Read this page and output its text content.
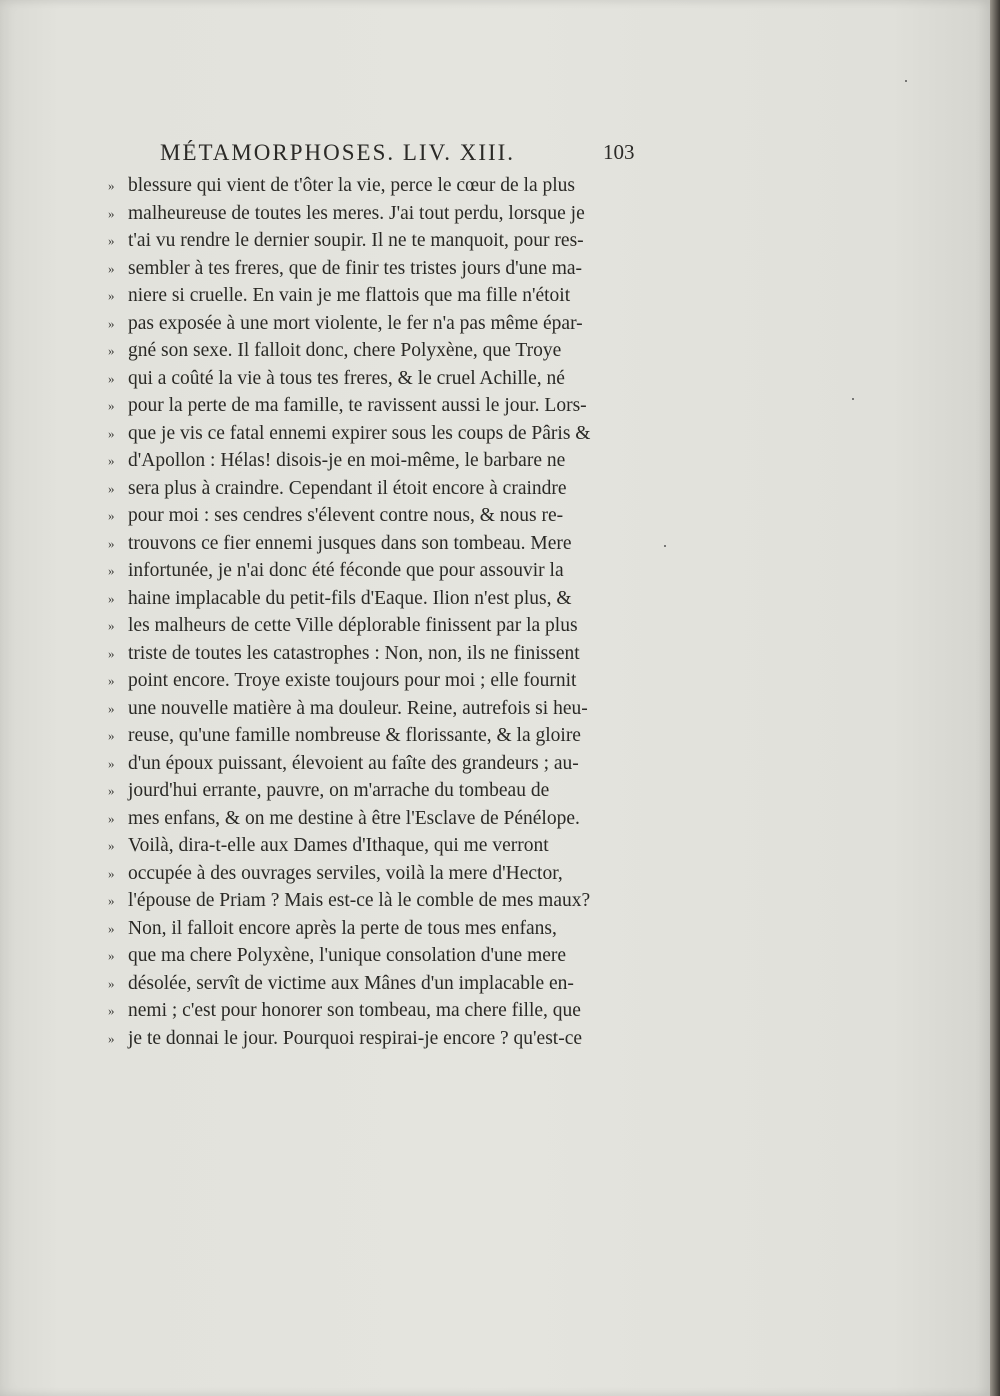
MÉTAMORPHOSES. LIV. XIII.	103
» blessure qui vient de t'ôter la vie, perce le cœur de la plus
» malheureuse de toutes les meres. J'ai tout perdu, lorsque je
» t'ai vu rendre le dernier soupir. Il ne te manquoit, pour res-
» sembler à tes freres, que de finir tes tristes jours d'une ma-
» niere si cruelle. En vain je me flattois que ma fille n'étoit
» pas exposée à une mort violente, le fer n'a pas même épar-
» gné son sexe. Il falloit donc, chere Polyxène, que Troye
» qui a coûté la vie à tous tes freres, & le cruel Achille, né
» pour la perte de ma famille, te ravissent aussi le jour. Lors-
» que je vis ce fatal ennemi expirer sous les coups de Pâris &
» d'Apollon : Hélas! disois-je en moi-même, le barbare ne
» sera plus à craindre. Cependant il étoit encore à craindre
» pour moi : ses cendres s'élevent contre nous, & nous re-
» trouvons ce fier ennemi jusques dans son tombeau. Mere
» infortunée, je n'ai donc été féconde que pour assouvir la
» haine implacable du petit-fils d'Eaque. Ilion n'est plus, &
» les malheurs de cette Ville déplorable finissent par la plus
» triste de toutes les catastrophes : Non, non, ils ne finissent
» point encore. Troye existe toujours pour moi ; elle fournit
» une nouvelle matière à ma douleur. Reine, autrefois si heu-
» reuse, qu'une famille nombreuse & florissante, & la gloire
» d'un époux puissant, élevoient au faîte des grandeurs ; au-
» jourd'hui errante, pauvre, on m'arrache du tombeau de
» mes enfans, & on me destine à être l'Esclave de Pénélope.
» Voilà, dira-t-elle aux Dames d'Ithaque, qui me verront
» occupée à des ouvrages serviles, voilà la mere d'Hector,
» l'épouse de Priam ? Mais est-ce là le comble de mes maux?
» Non, il falloit encore après la perte de tous mes enfans,
» que ma chere Polyxène, l'unique consolation d'une mere
» désolée, servît de victime aux Mânes d'un implacable en-
» nemi ; c'est pour honorer son tombeau, ma chere fille, que
» je te donnai le jour. Pourquoi respirai-je encore ? qu'est-ce
